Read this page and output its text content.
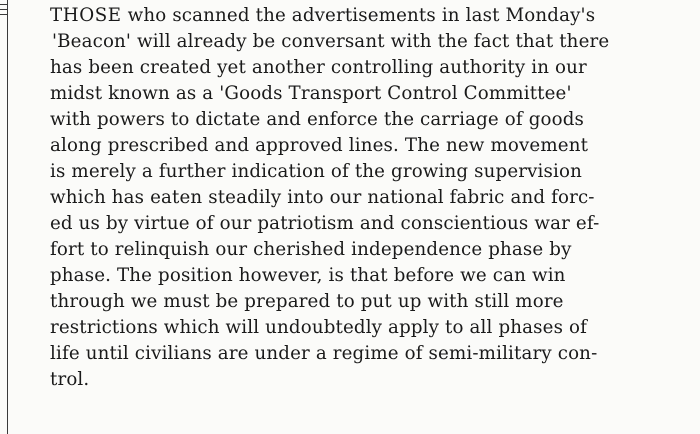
THOSE who scanned the advertisements in last Monday's
'Beacon' will already be conversant with the fact that there
has been created yet another controlling authority in our
midst known as a 'Goods Transport Control Committee'
with powers to dictate and enforce the carriage of goods
along prescribed and approved lines. The new movement
is merely a further indication of the growing supervision
which has eaten steadily into our national fabric and forc-
ed us by virtue of our patriotism and conscientious war ef-
fort to relinquish our cherished independence phase by
phase. The position however, is that before we can win
through we must be prepared to put up with still more
restrictions which will undoubtedly apply to all phases of
life until civilians are under a regime of semi-military con-
trol.
